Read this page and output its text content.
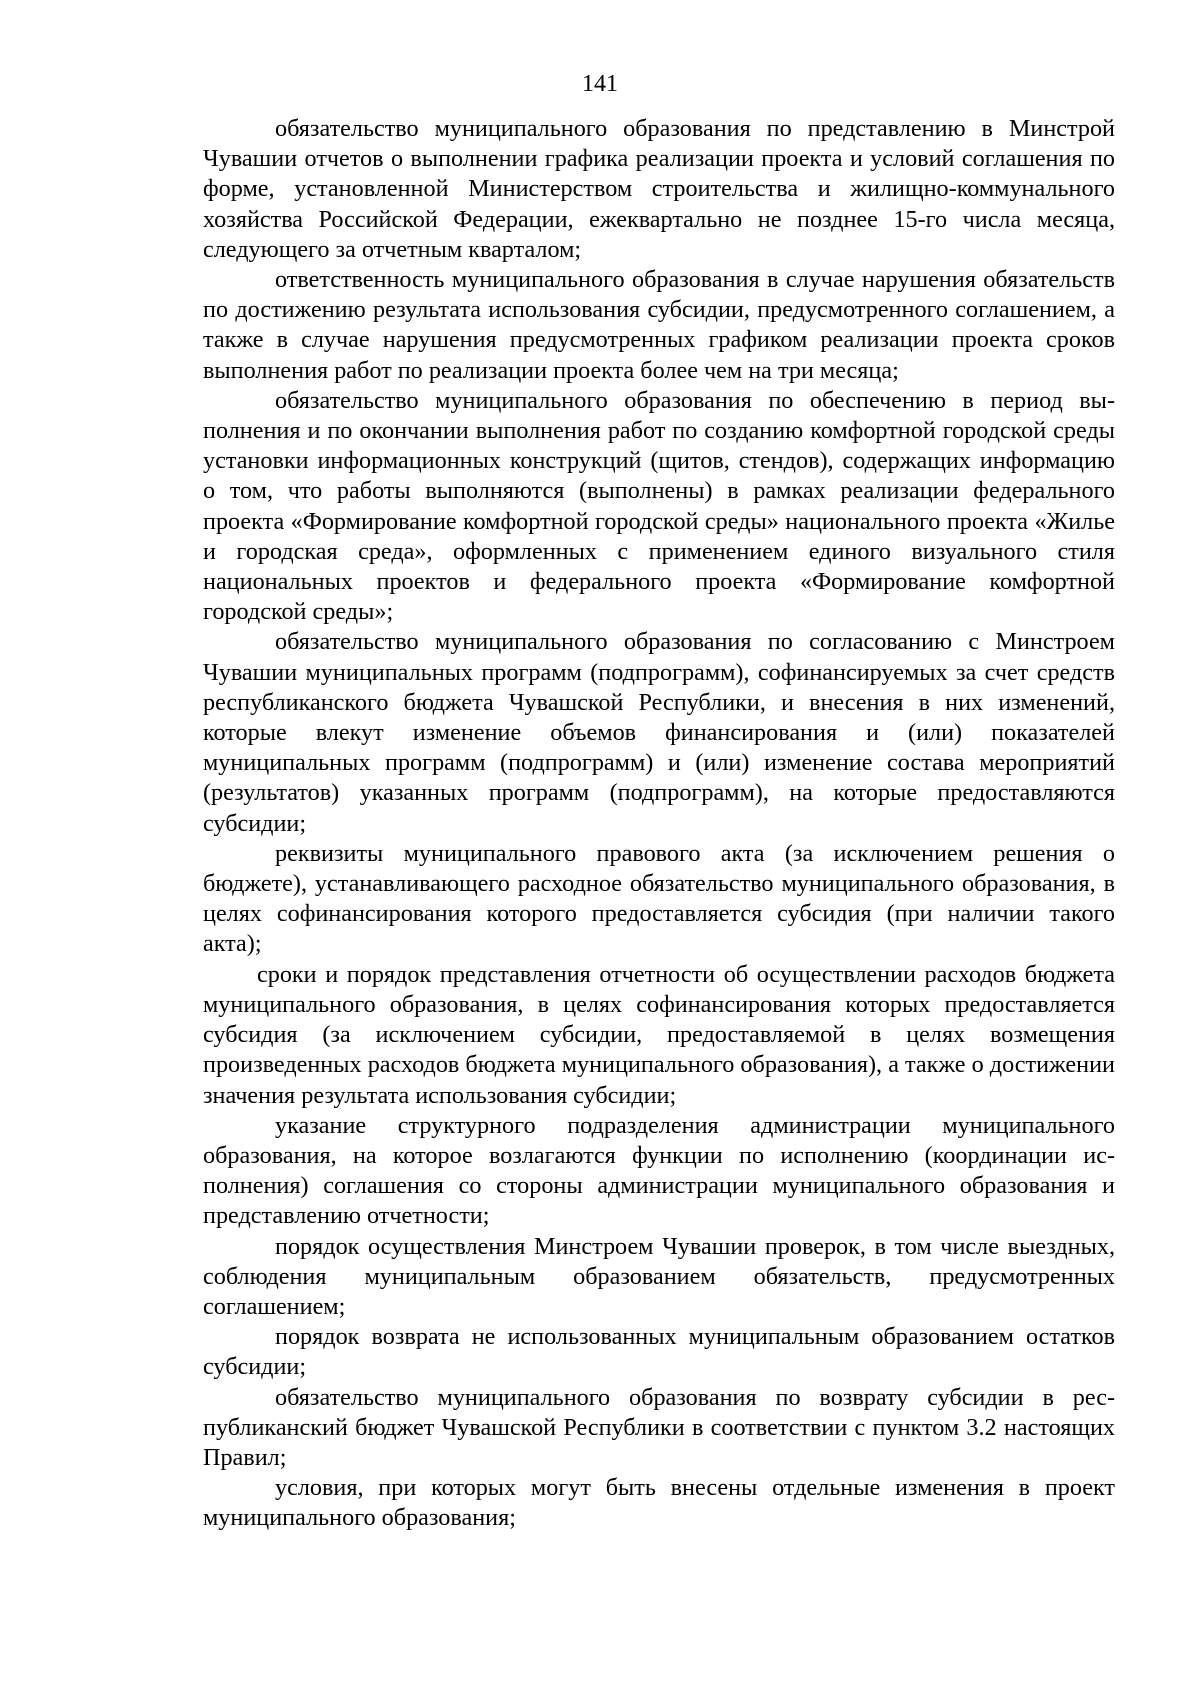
141

обязательство муниципального образования по представлению в Минстрой Чувашии отчетов о выполнении графика реализации проекта и условий соглашения по форме, установленной Министерством строительства и жилищно-коммунального хозяйства Российской Федерации, ежеквартально не позднее 15-го числа месяца, следующего за отчетным кварталом;

ответственность муниципального образования в случае нарушения обязательств по достижению результата использования субсидии, предусмотренного соглашением, а также в случае нарушения предусмотренных графиком реализации проекта сроков выполнения работ по реализации проекта более чем на три месяца;

обязательство муниципального образования по обеспечению в период выполнения и по окончании выполнения работ по созданию комфортной городской среды установки информационных конструкций (щитов, стендов), содержащих информацию о том, что работы выполняются (выполнены) в рамках реализации федерального проекта «Формирование комфортной городской среды» национального проекта «Жилье и городская среда», оформленных с применением единого визуального стиля национальных проектов и федерального проекта «Формирование комфортной городской среды»;

обязательство муниципального образования по согласованию с Минстроем Чувашии муниципальных программ (подпрограмм), софинансируемых за счет средств республиканского бюджета Чувашской Республики, и внесения в них изменений, которые влекут изменение объемов финансирования и (или) показателей муниципальных программ (подпрограмм) и (или) изменение состава мероприятий (результатов) указанных программ (подпрограмм), на которые предоставляются субсидии;

реквизиты муниципального правового акта (за исключением решения о бюджете), устанавливающего расходное обязательство муниципального образования, в целях софинансирования которого предоставляется субсидия (при наличии такого акта);

сроки и порядок представления отчетности об осуществлении расходов бюджета муниципального образования, в целях софинансирования которых предоставляется субсидия (за исключением субсидии, предоставляемой в целях возмещения произведенных расходов бюджета муниципального образования), а также о достижении значения результата использования субсидии;

указание структурного подразделения администрации муниципального образования, на которое возлагаются функции по исполнению (координации исполнения) соглашения со стороны администрации муниципального образования и представлению отчетности;

порядок осуществления Минстроем Чувашии проверок, в том числе выездных, соблюдения муниципальным образованием обязательств, предусмотренных соглашением;

порядок возврата не использованных муниципальным образованием остатков субсидии;

обязательство муниципального образования по возврату субсидии в республиканский бюджет Чувашской Республики в соответствии с пунктом 3.2 настоящих Правил;

условия, при которых могут быть внесены отдельные изменения в проект муниципального образования;
